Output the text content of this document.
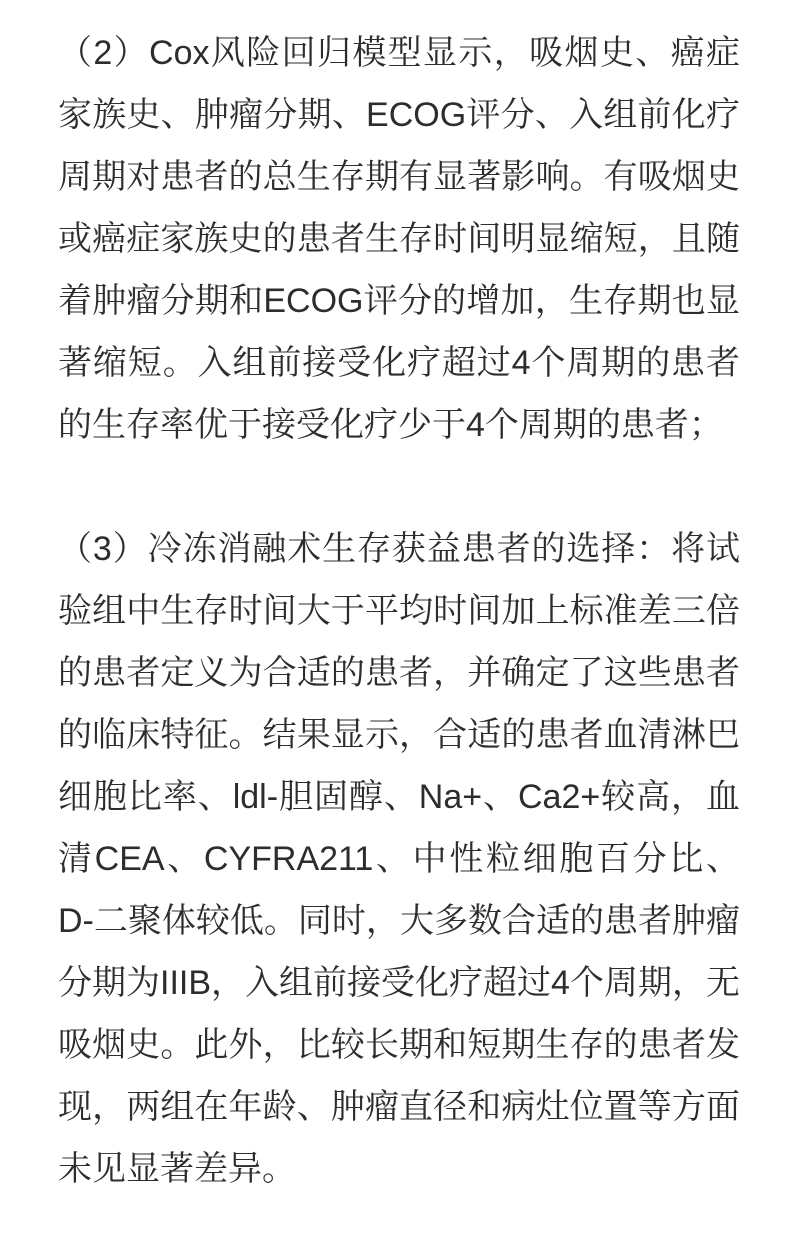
（2）Cox风险回归模型显示，吸烟史、癌症家族史、肿瘤分期、ECOG评分、入组前化疗周期对患者的总生存期有显著影响。有吸烟史或癌症家族史的患者生存时间明显缩短，且随着肿瘤分期和ECOG评分的增加，生存期也显著缩短。入组前接受化疗超过4个周期的患者的生存率优于接受化疗少于4个周期的患者；

（3）冷冻消融术生存获益患者的选择：将试验组中生存时间大于平均时间加上标准差三倍的患者定义为合适的患者，并确定了这些患者的临床特征。结果显示，合适的患者血清淋巴细胞比率、ldl-胆固醇、Na+、Ca2+较高，血清CEA、CYFRA211、中性粒细胞百分比、D-二聚体较低。同时，大多数合适的患者肿瘤分期为IIIB，入组前接受化疗超过4个周期，无吸烟史。此外，比较长期和短期生存的患者发现，两组在年龄、肿瘤直径和病灶位置等方面未见显著差异。
